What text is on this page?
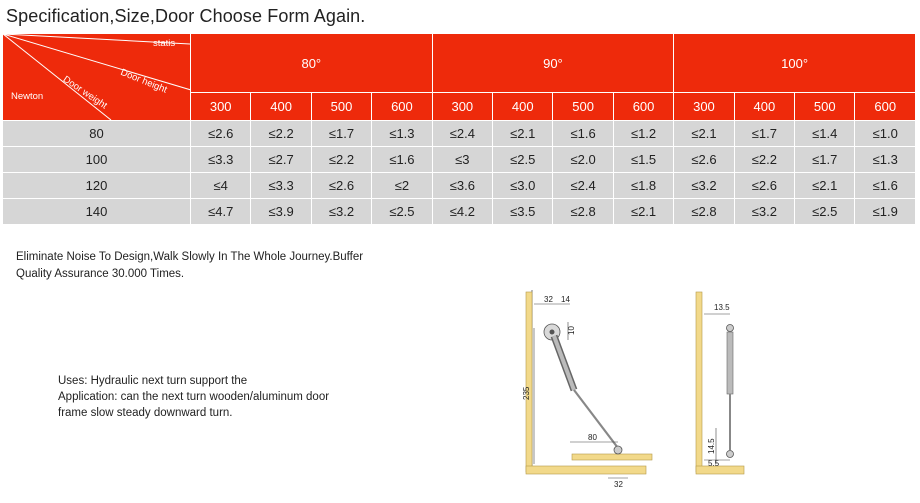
Specification,Size,Door Choose Form Again.
statis
Door height
Door weight
Newton	80°				90°				100°			
	300	400	500	600	300	400	500	600	300	400	500	600
80	≤2.6	≤2.2	≤1.7	≤1.3	≤2.4	≤2.1	≤1.6	≤1.2	≤2.1	≤1.7	≤1.4	≤1.0
100	≤3.3	≤2.7	≤2.2	≤1.6	≤3	≤2.5	≤2.0	≤1.5	≤2.6	≤2.2	≤1.7	≤1.3
120	≤4	≤3.3	≤2.6	≤2	≤3.6	≤3.0	≤2.4	≤1.8	≤3.2	≤2.6	≤2.1	≤1.6
140	≤4.7	≤3.9	≤3.2	≤2.5	≤4.2	≤3.5	≤2.8	≤2.1	≤2.8	≤3.2	≤2.5	≤1.9
Eliminate Noise To Design,Walk Slowly In The Whole Journey.Buffer
Quality Assurance 30.000 Times.
Uses: Hydraulic next turn support the
Application: can the next turn wooden/aluminum door
frame slow steady downward turn.
32 14
10
235
80
32
13.5
14.5
5.5
